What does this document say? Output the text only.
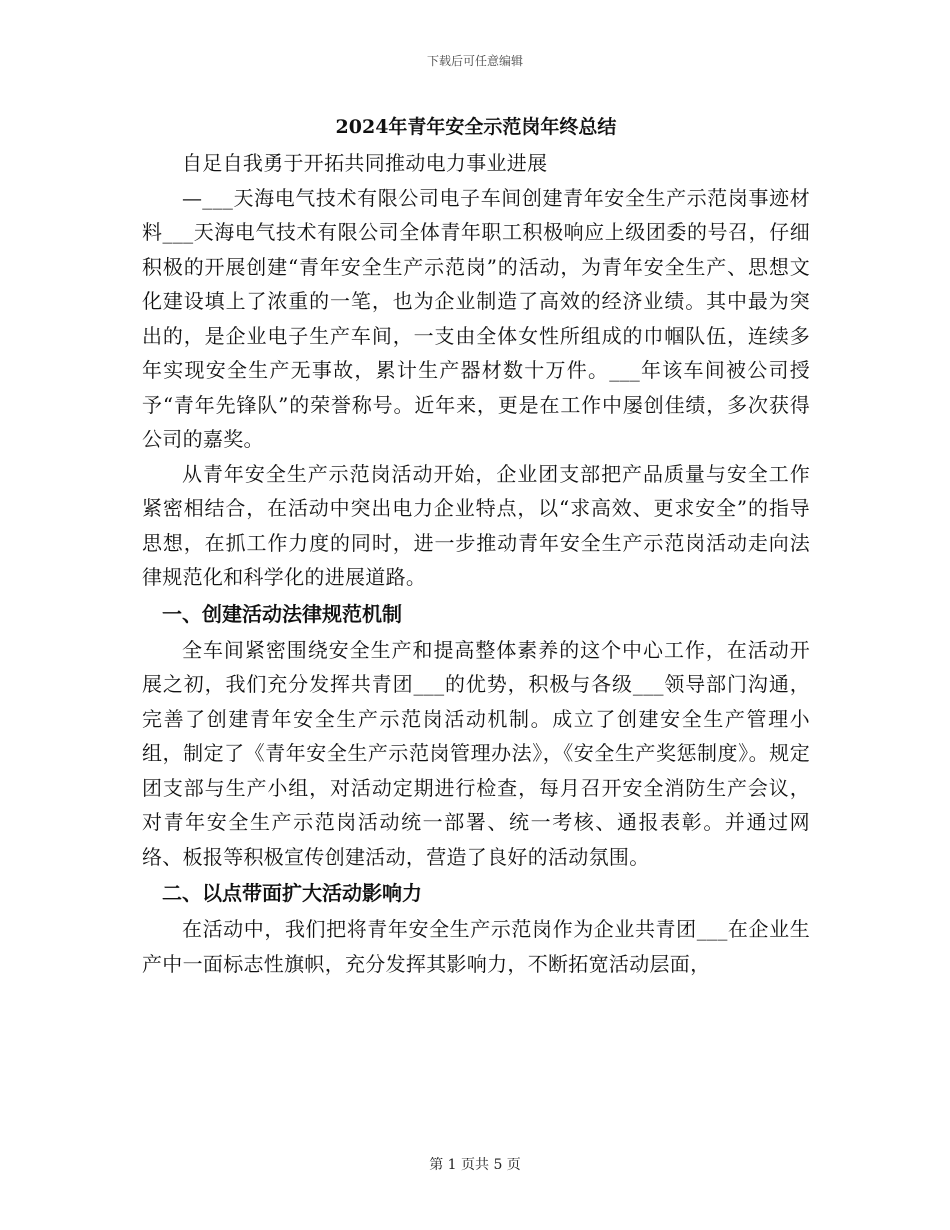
下载后可任意编辑

2024年青年安全示范岗年终总结

自足自我勇于开拓共同推动电力事业进展

—___天海电气技术有限公司电子车间创建青年安全生产示范岗事迹材料___天海电气技术有限公司全体青年职工积极响应上级团委的号召，仔细积极的开展创建“青年安全生产示范岗”的活动，为青年安全生产、思想文化建设填上了浓重的一笔，也为企业制造了高效的经济业绩。其中最为突出的，是企业电子生产车间，一支由全体女性所组成的巾帼队伍，连续多年实现安全生产无事故，累计生产器材数十万件。___年该车间被公司授予“青年先锋队”的荣誉称号。近年来，更是在工作中屡创佳绩，多次获得公司的嘉奖。

从青年安全生产示范岗活动开始，企业团支部把产品质量与安全工作紧密相结合，在活动中突出电力企业特点，以“求高效、更求安全”的指导思想，在抓工作力度的同时，进一步推动青年安全生产示范岗活动走向法律规范化和科学化的进展道路。

一、创建活动法律规范机制

全车间紧密围绕安全生产和提高整体素养的这个中心工作，在活动开展之初，我们充分发挥共青团___的优势，积极与各级___领导部门沟通，完善了创建青年安全生产示范岗活动机制。成立了创建安全生产管理小组，制定了《青年安全生产示范岗管理办法》，《安全生产奖惩制度》。规定团支部与生产小组，对活动定期进行检查，每月召开安全消防生产会议，对青年安全生产示范岗活动统一部署、统一考核、通报表彰。并通过网络、板报等积极宣传创建活动，营造了良好的活动氛围。

二、以点带面扩大活动影响力

在活动中，我们把将青年安全生产示范岗作为企业共青团___在企业生产中一面标志性旗帜，充分发挥其影响力，不断拓宽活动层面，

第 1 页共 5 页
